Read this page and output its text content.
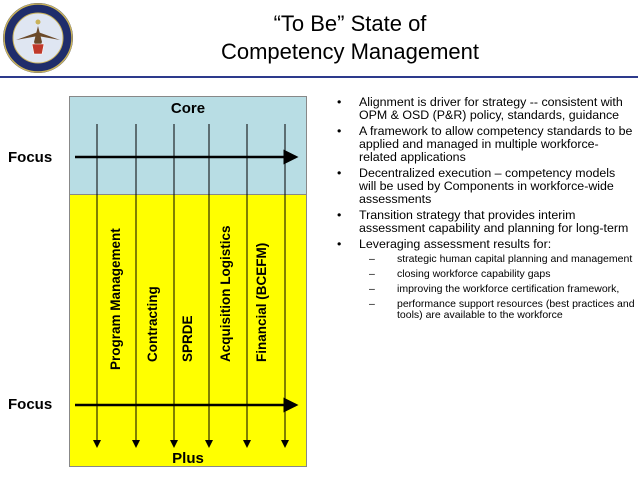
“To Be” State of
Competency Management
Core
Plus
Focus
Focus
Program Management Contracting SPRDE Acquisition Logistics Financial (BCEFM)
• Alignment is driver for strategy -- consistent with OPM & OSD (P&R) policy, standards, guidance
• A framework to allow competency standards to be applied and managed in multiple workforce-related applications
• Decentralized execution – competency models will be used by Components in workforce-wide assessments
• Transition strategy that provides interim assessment capability and planning for long-term
• Leveraging assessment results for:
– strategic human capital planning and management
– closing workforce capability gaps
– improving the workforce certification framework,
– performance support resources (best practices and tools) are available to the workforce
